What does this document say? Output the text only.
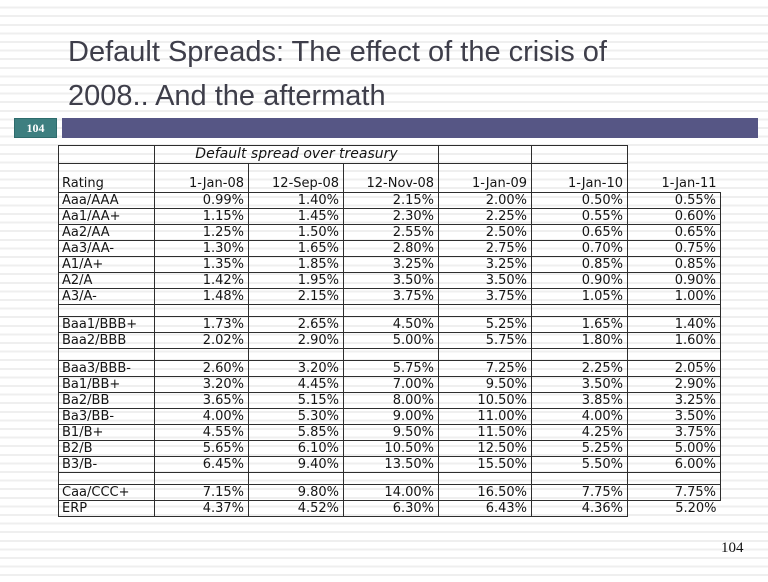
Default Spreads: The effect of the crisis of
2008.. And the aftermath
104
	Default spread over treasury					
Rating	1-Jan-08	12-Sep-08	12-Nov-08	1-Jan-09	1-Jan-10	1-Jan-11
Aaa/AAA	0.99%	1.40%	2.15%	2.00%	0.50%	0.55%
Aa1/AA+	1.15%	1.45%	2.30%	2.25%	0.55%	0.60%
Aa2/AA	1.25%	1.50%	2.55%	2.50%	0.65%	0.65%
Aa3/AA-	1.30%	1.65%	2.80%	2.75%	0.70%	0.75%
A1/A+	1.35%	1.85%	3.25%	3.25%	0.85%	0.85%
A2/A	1.42%	1.95%	3.50%	3.50%	0.90%	0.90%
A3/A-	1.48%	2.15%	3.75%	3.75%	1.05%	1.00%

Baa1/BBB+	1.73%	2.65%	4.50%	5.25%	1.65%	1.40%
Baa2/BBB	2.02%	2.90%	5.00%	5.75%	1.80%	1.60%

Baa3/BBB-	2.60%	3.20%	5.75%	7.25%	2.25%	2.05%
Ba1/BB+	3.20%	4.45%	7.00%	9.50%	3.50%	2.90%
Ba2/BB	3.65%	5.15%	8.00%	10.50%	3.85%	3.25%
Ba3/BB-	4.00%	5.30%	9.00%	11.00%	4.00%	3.50%
B1/B+	4.55%	5.85%	9.50%	11.50%	4.25%	3.75%
B2/B	5.65%	6.10%	10.50%	12.50%	5.25%	5.00%
B3/B-	6.45%	9.40%	13.50%	15.50%	5.50%	6.00%

Caa/CCC+	7.15%	9.80%	14.00%	16.50%	7.75%	7.75%
ERP	4.37%	4.52%	6.30%	6.43%	4.36%	5.20%
104
